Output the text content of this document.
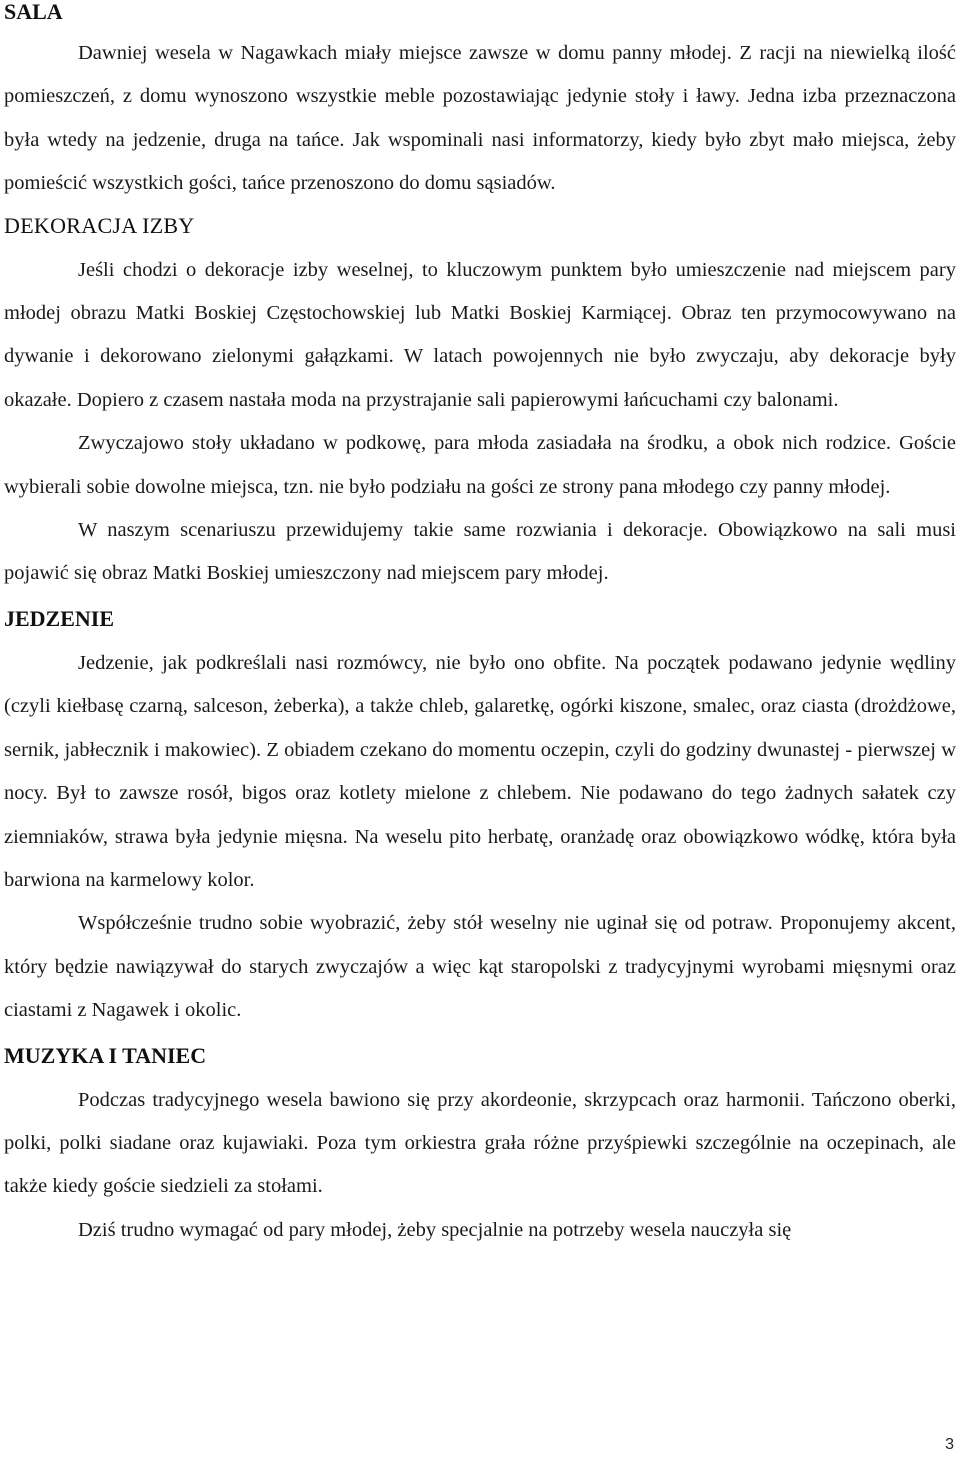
SALA

Dawniej wesela w Nagawkach miały miejsce zawsze w domu panny młodej. Z racji na niewielką ilość pomieszczeń, z domu wynoszono wszystkie meble pozostawiając jedynie stoły i ławy. Jedna izba przeznaczona była wtedy na jedzenie, druga na tańce. Jak wspominali nasi informatorzy, kiedy było zbyt mało miejsca, żeby pomieścić wszystkich gości, tańce przenoszono do domu sąsiadów.

DEKORACJA IZBY

Jeśli chodzi o dekoracje izby weselnej, to kluczowym punktem było umieszczenie nad miejscem pary młodej obrazu Matki Boskiej Częstochowskiej lub Matki Boskiej Karmiącej. Obraz ten przymocowywano na dywanie i dekorowano zielonymi gałązkami. W latach powojennych nie było zwyczaju, aby dekoracje były okazałe. Dopiero z czasem nastała moda na przystrajanie sali papierowymi łańcuchami czy balonami.

Zwyczajowo stoły układano w podkowę, para młoda zasiadała na środku, a obok nich rodzice. Goście wybierali sobie dowolne miejsca, tzn. nie było podziału na gości ze strony pana młodego czy panny młodej.

W naszym scenariuszu przewidujemy takie same rozwiania i dekoracje. Obowiązkowo na sali musi pojawić się obraz Matki Boskiej umieszczony nad miejscem pary młodej.

JEDZENIE

Jedzenie, jak podkreślali nasi rozmówcy, nie było ono obfite. Na początek podawano jedynie wędliny (czyli kiełbasę czarną, salceson, żeberka), a także chleb, galaretkę, ogórki kiszone, smalec, oraz ciasta (drożdżowe, sernik, jabłecznik i makowiec). Z obiadem czekano do momentu oczepin, czyli do godziny dwunastej - pierwszej w nocy. Był to zawsze rosół, bigos oraz kotlety mielone z chlebem. Nie podawano do tego żadnych sałatek czy ziemniaków, strawa była jedynie mięsna. Na weselu pito herbatę, oranżadę oraz obowiązkowo wódkę, która była barwiona na karmelowy kolor.

Współcześnie trudno sobie wyobrazić, żeby stół weselny nie uginał się od potraw. Proponujemy akcent, który będzie nawiązywał do starych zwyczajów a więc kąt staropolski z tradycyjnymi wyrobami mięsnymi oraz ciastami z Nagawek i okolic.

MUZYKA I TANIEC

Podczas tradycyjnego wesela bawiono się przy akordeonie, skrzypcach oraz harmonii. Tańczono oberki, polki, polki siadane oraz kujawiaki. Poza tym orkiestra grała różne przyśpiewki szczególnie na oczepinach, ale także kiedy goście siedzieli za stołami.

Dziś trudno wymagać od pary młodej, żeby specjalnie na potrzeby wesela nauczyła się

3
